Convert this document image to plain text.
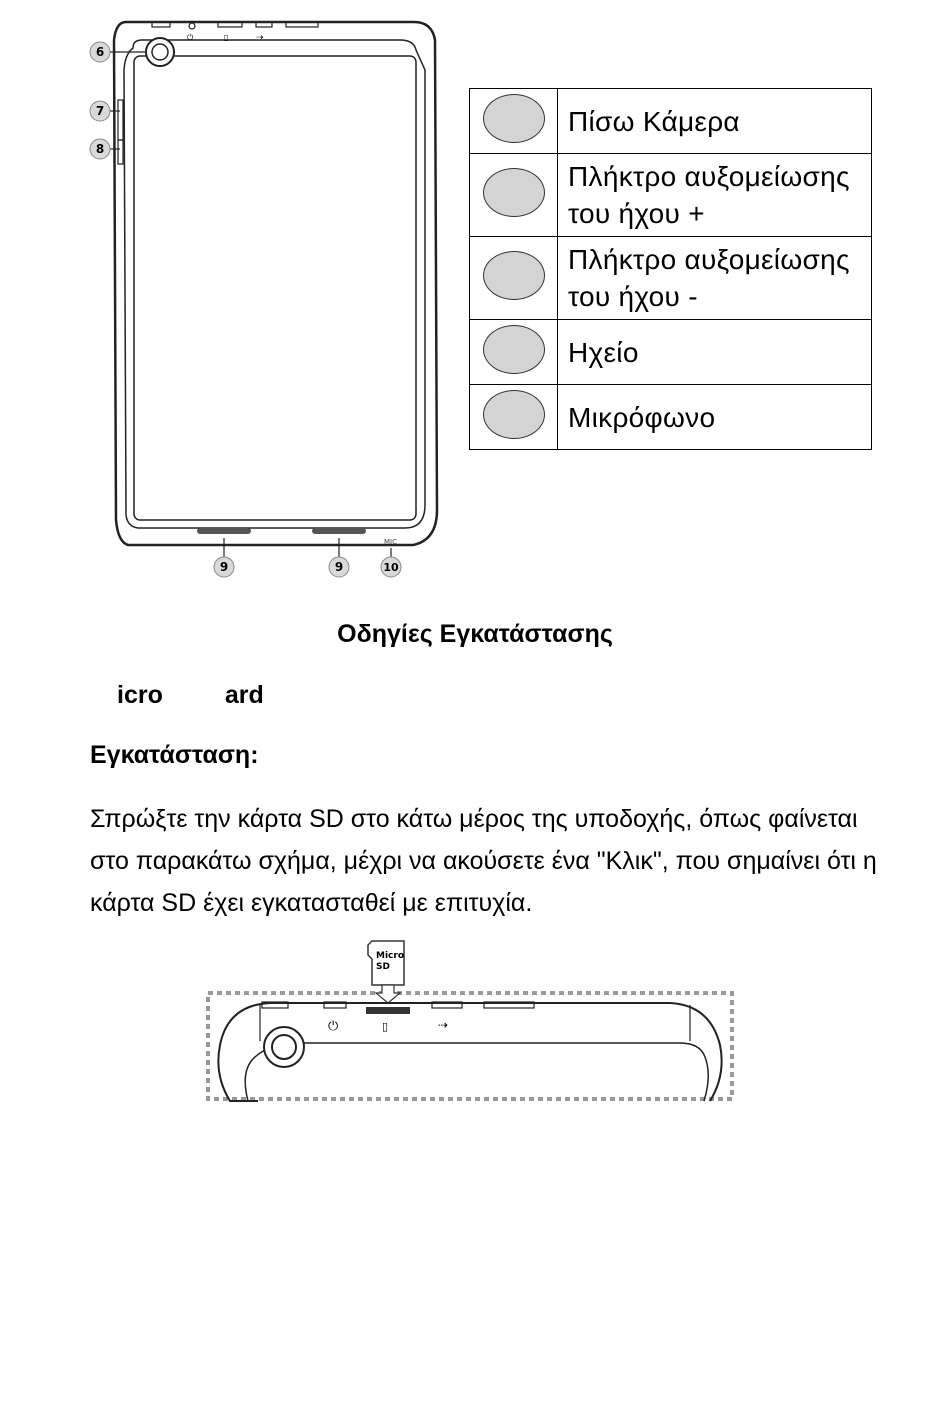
⏻	▯	⇢
MIC
6
7
8
9	9	10
	Πίσω Κάμερα
	Πλήκτρο αυξομείωσης του ήχου +
	Πλήκτρο αυξομείωσης του ήχου -
	Ηχείο
	Μικρόφωνο
Οδηγίες Εγκατάστασης
icro ard
Εγκατάσταση:
Σπρώξτε την κάρτα SD στο κάτω μέρος της υποδοχής, όπως φαίνεται στο παρακάτω σχήμα, μέχρι να ακούσετε ένα "Κλικ", που σημαίνει ότι η κάρτα SD έχει εγκατασταθεί με επιτυχία.
Micro
SD
⏻	▯	⇢
